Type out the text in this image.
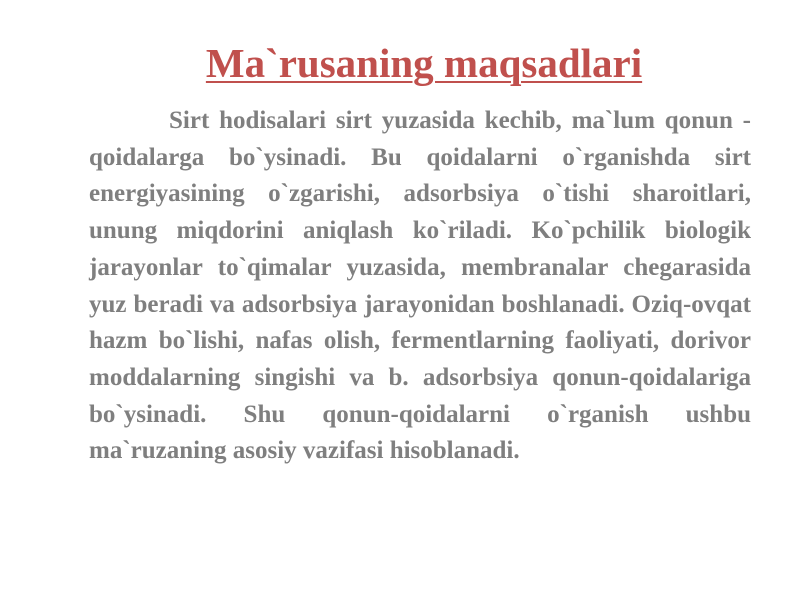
Ma`rusaning maqsadlari

Sirt hodisalari sirt yuzasida kechib, ma`lum qonun - qoidalarga bo`ysinadi. Bu qoidalarni o`rganishda sirt energiyasining o`zgarishi, adsorbsiya o`tishi sharoitlari, unung miqdorini aniqlash ko`riladi. Ko`pchilik biologik jarayonlar to`qimalar yuzasida, membranalar chegarasida yuz beradi va adsorbsiya jarayonidan boshlanadi. Oziq-ovqat hazm bo`lishi, nafas olish, fermentlarning faoliyati, dorivor moddalarning singishi va b. adsorbsiya qonun-qoidalariga bo`ysinadi. Shu qonun-qoidalarni o`rganish ushbu ma`ruzaning asosiy vazifasi hisoblanadi.
